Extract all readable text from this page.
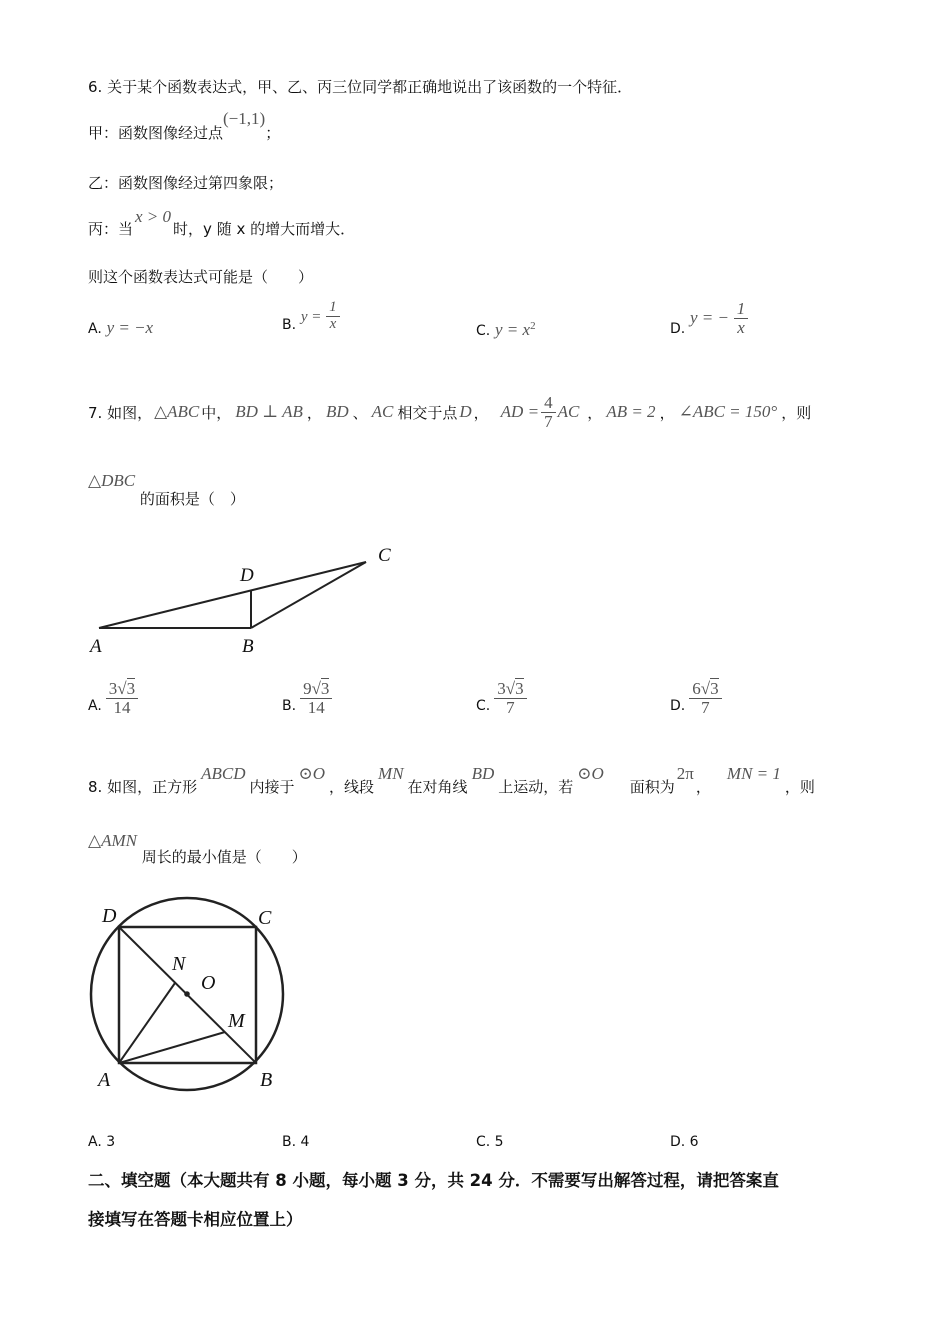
6. 关于某个函数表达式，甲、乙、丙三位同学都正确地说出了该函数的一个特征．
甲：函数图像经过点(−1,1)；
乙：函数图像经过第四象限；
丙：当x > 0时，y 随 x 的增大而增大．
则这个函数表达式可能是（　　）
A. y = −x	B. $y = \frac{1}{x}$	C. $y = x^2$	D. y = − $\frac{1}{x}$
7. 如图， △ABC 中， BD ⊥ AB ， BD 、 AC 相交于点 D ， AD = $\frac{4}{7}$ AC ， AB = 2 ， ∠ABC = 150° ，则
△DBC 的面积是（　）
A	B
C
D
A. $\frac{3√3}{14}$	B. $\frac{9√3}{14}$	C. $\frac{3√3}{7}$	D. $\frac{6√3}{7}$
8. 如图，正方形
ABCD
内接于
⊙O
，线段
MN
在对角线
BD
上运动，若
⊙O
面积为
2π
，
MN = 1
，则
△AMN 周长的最小值是（　　）
D	C
N
O
M
A	B
A. 3	B. 4	C. 5	D. 6
二、填空题（本大题共有 8 小题，每小题 3 分，共 24 分．不需要写出解答过程，请把答案直
接填写在答题卡相应位置上）
